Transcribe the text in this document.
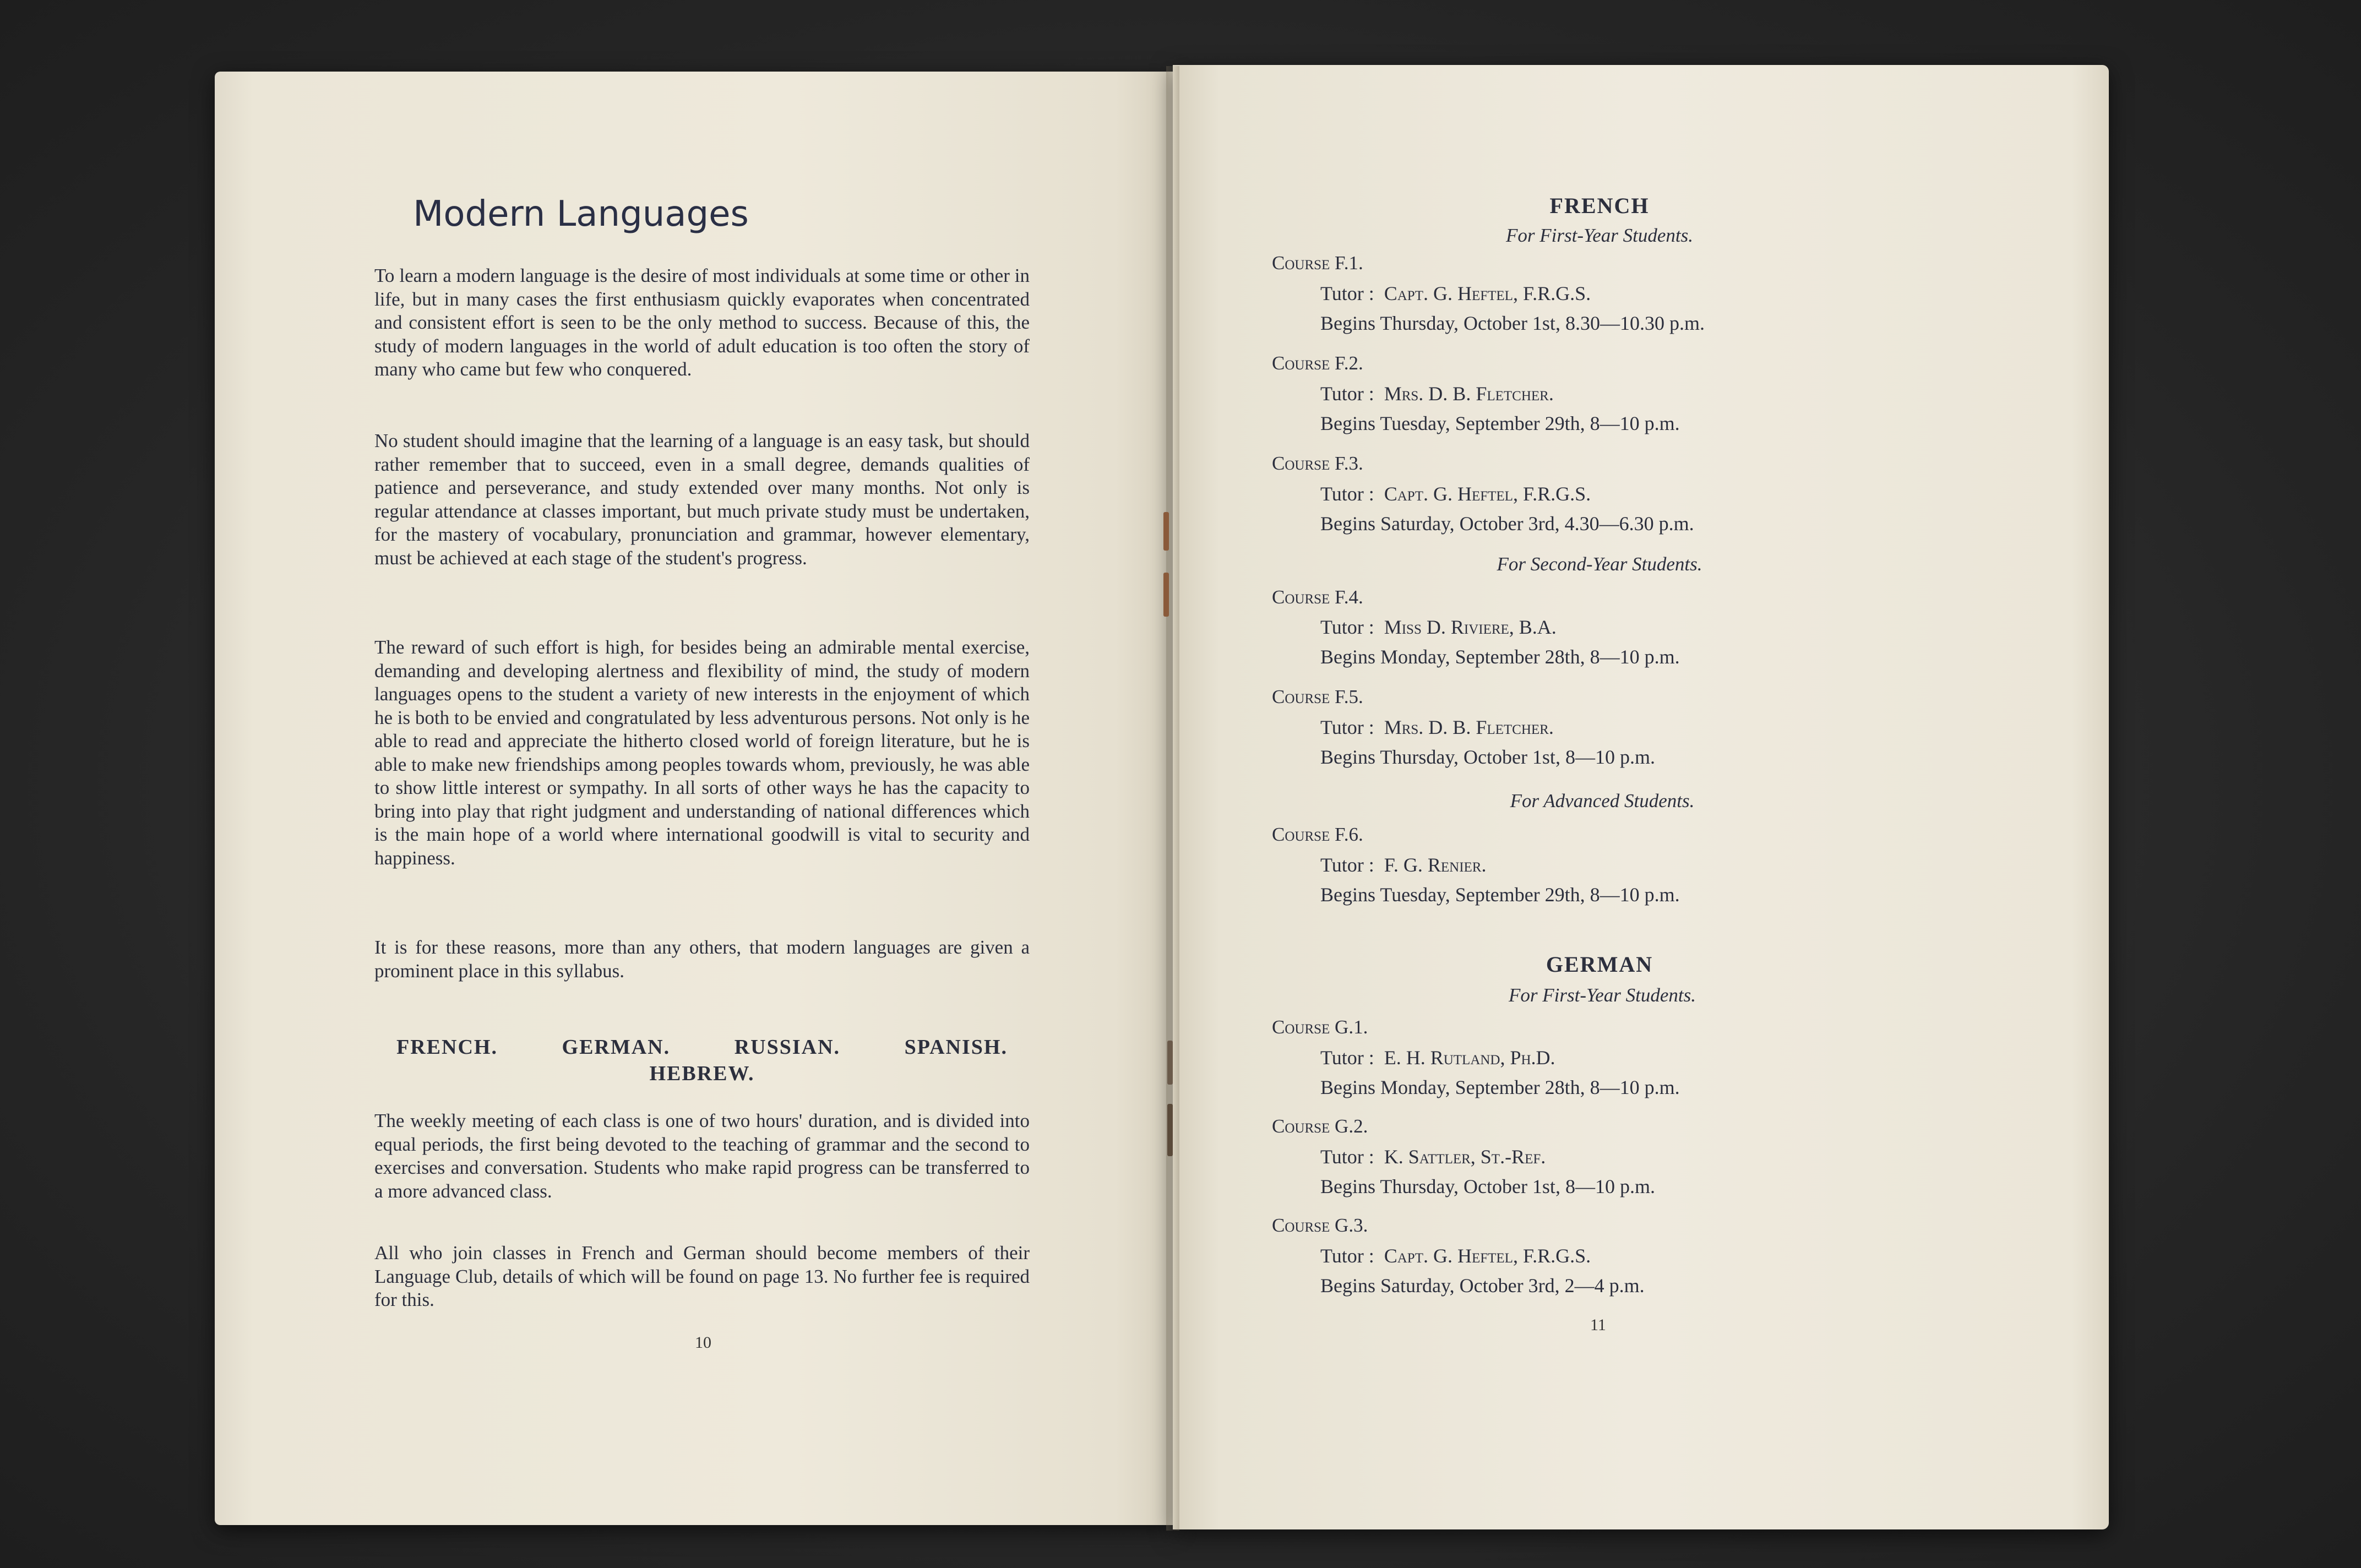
Modern Languages

To learn a modern language is the desire of most individuals at some time or other in life, but in many cases the first enthusiasm quickly evaporates when concentrated and consistent effort is seen to be the only method to success. Because of this, the study of modern languages in the world of adult education is too often the story of many who came but few who conquered.

No student should imagine that the learning of a language is an easy task, but should rather remember that to succeed, even in a small degree, demands qualities of patience and perseverance, and study extended over many months. Not only is regular attendance at classes important, but much private study must be undertaken, for the mastery of vocabulary, pronunciation and grammar, however elementary, must be achieved at each stage of the student's progress.

The reward of such effort is high, for besides being an admirable mental exercise, demanding and developing alertness and flexibility of mind, the study of modern languages opens to the student a variety of new interests in the enjoyment of which he is both to be envied and congratulated by less adventurous persons. Not only is he able to read and appreciate the hitherto closed world of foreign literature, but he is able to make new friendships among peoples towards whom, previously, he was able to show little interest or sympathy. In all sorts of other ways he has the capacity to bring into play that right judgment and understanding of national differences which is the main hope of a world where international goodwill is vital to security and happiness.

It is for these reasons, more than any others, that modern languages are given a prominent place in this syllabus.

FRENCH.	GERMAN.	RUSSIAN.	SPANISH.
HEBREW.

The weekly meeting of each class is one of two hours' duration, and is divided into equal periods, the first being devoted to the teaching of grammar and the second to exercises and conversation. Students who make rapid progress can be transferred to a more advanced class.

All who join classes in French and German should become members of their Language Club, details of which will be found on page 13. No further fee is required for this.

10
FRENCH
For First-Year Students.
Course F.1.
Tutor : Capt. G. Heftel, F.R.G.S.
Begins Thursday, October 1st, 8.30—10.30 p.m.
Course F.2.
Tutor : Mrs. D. B. Fletcher.
Begins Tuesday, September 29th, 8—10 p.m.
Course F.3.
Tutor : Capt. G. Heftel, F.R.G.S.
Begins Saturday, October 3rd, 4.30—6.30 p.m.
For Second-Year Students.
Course F.4.
Tutor : Miss D. Riviere, B.A.
Begins Monday, September 28th, 8—10 p.m.
Course F.5.
Tutor : Mrs. D. B. Fletcher.
Begins Thursday, October 1st, 8—10 p.m.
For Advanced Students.
Course F.6.
Tutor : F. G. Renier.
Begins Tuesday, September 29th, 8—10 p.m.
GERMAN
For First-Year Students.
Course G.1.
Tutor : E. H. Rutland, Ph.D.
Begins Monday, September 28th, 8—10 p.m.
Course G.2.
Tutor : K. Sattler, St.-Ref.
Begins Thursday, October 1st, 8—10 p.m.
Course G.3.
Tutor : Capt. G. Heftel, F.R.G.S.
Begins Saturday, October 3rd, 2—4 p.m.
11
